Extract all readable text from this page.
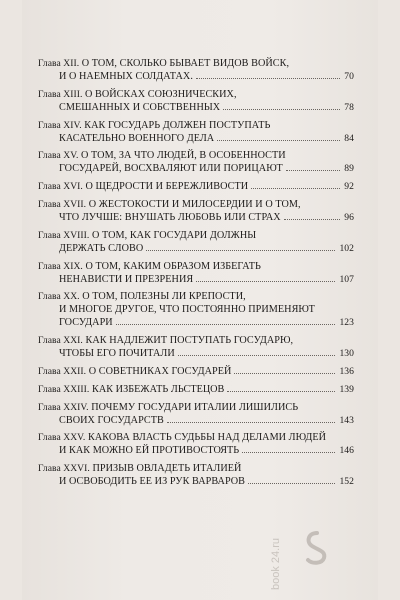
Глава XII. О ТОМ, СКОЛЬКО БЫВАЕТ ВИДОВ ВОЙСК,
И О НАЕМНЫХ СОЛДАТАХ.	70
Глава XIII. О ВОЙСКАХ СОЮЗНИЧЕСКИХ,
СМЕШАННЫХ И СОБСТВЕННЫХ	78
Глава XIV. КАК ГОСУДАРЬ ДОЛЖЕН ПОСТУПАТЬ
КАСАТЕЛЬНО ВОЕННОГО ДЕЛА	84
Глава XV. О ТОМ, ЗА ЧТО ЛЮДЕЙ, В ОСОБЕННОСТИ
ГОСУДАРЕЙ, ВОСХВАЛЯЮТ ИЛИ ПОРИЦАЮТ	89
Глава XVI. О ЩЕДРОСТИ И БЕРЕЖЛИВОСТИ	92
Глава XVII. О ЖЕСТОКОСТИ И МИЛОСЕРДИИ И О ТОМ,
ЧТО ЛУЧШЕ: ВНУШАТЬ ЛЮБОВЬ ИЛИ СТРАХ	96
Глава XVIII. О ТОМ, КАК ГОСУДАРИ ДОЛЖНЫ
ДЕРЖАТЬ СЛОВО	102
Глава XIX. О ТОМ, КАКИМ ОБРАЗОМ ИЗБЕГАТЬ
НЕНАВИСТИ И ПРЕЗРЕНИЯ	107
Глава XX. О ТОМ, ПОЛЕЗНЫ ЛИ КРЕПОСТИ,
И МНОГОЕ ДРУГОЕ, ЧТО ПОСТОЯННО ПРИМЕНЯЮТ
ГОСУДАРИ	123
Глава XXI. КАК НАДЛЕЖИТ ПОСТУПАТЬ ГОСУДАРЮ,
ЧТОБЫ ЕГО ПОЧИТАЛИ	130
Глава XXII. О СОВЕТНИКАХ ГОСУДАРЕЙ	136
Глава XXIII. КАК ИЗБЕЖАТЬ ЛЬСТЕЦОВ	139
Глава XXIV. ПОЧЕМУ ГОСУДАРИ ИТАЛИИ ЛИШИЛИСЬ
СВОИХ ГОСУДАРСТВ	143
Глава XXV. КАКОВА ВЛАСТЬ СУДЬБЫ НАД ДЕЛАМИ ЛЮДЕЙ
И КАК МОЖНО ЕЙ ПРОТИВОСТОЯТЬ	146
Глава XXVI. ПРИЗЫВ ОВЛАДЕТЬ ИТАЛИЕЙ
И ОСВОБОДИТЬ ЕЕ ИЗ РУК ВАРВАРОВ	152
book 24.ru
